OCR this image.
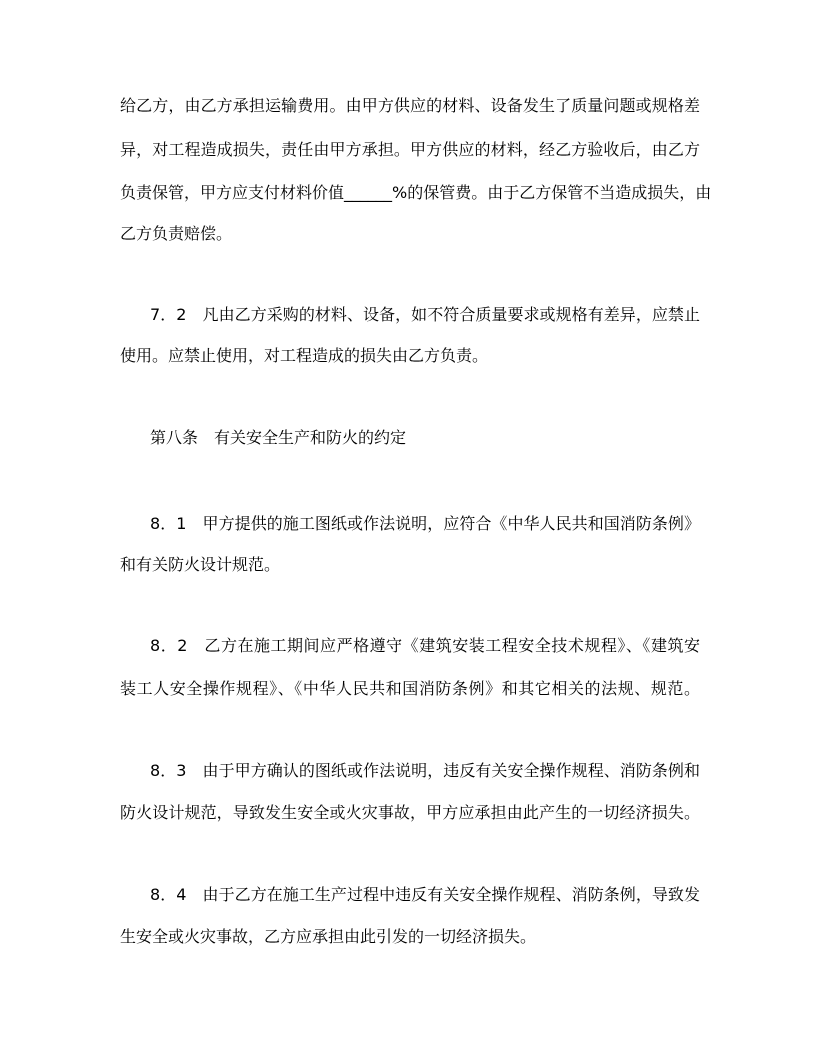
给乙方，由乙方承担运输费用。由甲方供应的材料、设备发生了质量问题或规格差
异，对工程造成损失，责任由甲方承担。甲方供应的材料，经乙方验收后，由乙方
负责保管，甲方应支付材料价值______%的保管费。由于乙方保管不当造成损失，由
乙方负责赔偿。
7．2　凡由乙方采购的材料、设备，如不符合质量要求或规格有差异，应禁止
使用。应禁止使用，对工程造成的损失由乙方负责。
第八条　有关安全生产和防火的约定
8．1　甲方提供的施工图纸或作法说明，应符合《中华人民共和国消防条例》
和有关防火设计规范。
8．2　乙方在施工期间应严格遵守《建筑安装工程安全技术规程》、《建筑安
装工人安全操作规程》、《中华人民共和国消防条例》和其它相关的法规、规范。
8．3　由于甲方确认的图纸或作法说明，违反有关安全操作规程、消防条例和
防火设计规范，导致发生安全或火灾事故，甲方应承担由此产生的一切经济损失。
8．4　由于乙方在施工生产过程中违反有关安全操作规程、消防条例，导致发
生安全或火灾事故，乙方应承担由此引发的一切经济损失。
